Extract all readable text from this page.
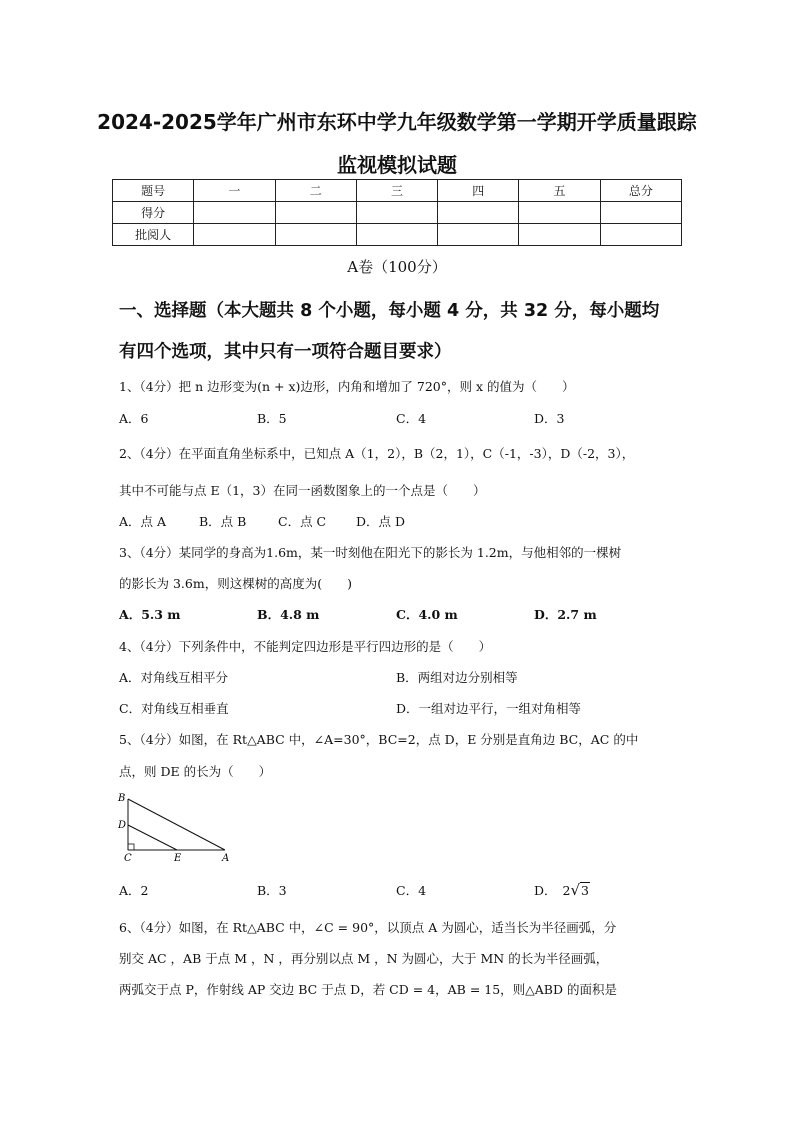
2024-2025学年广州市东环中学九年级数学第一学期开学质量跟踪
监视模拟试题
题号	一	二	三	四	五	总分
得分						
批阅人						
A卷（100分）
一、选择题（本大题共 8 个小题，每小题 4 分，共 32 分，每小题均
有四个选项，其中只有一项符合题目要求）
1、（4分）把 n 边形变为(n + x)边形，内角和增加了 720°，则 x 的值为（　　）
A．6	B．5	C．4	D．3
2、（4分）在平面直角坐标系中，已知点 A（1，2），B（2，1），C（-1，-3），D（-2，3），
其中不可能与点 E（1，3）在同一函数图象上的一个点是（　　）
A．点 A	B．点 B	C．点 C D．点 D
3、（4分）某同学的身高为1.6m，某一时刻他在阳光下的影长为 1.2m，与他相邻的一棵树
的影长为 3.6m，则这棵树的高度为(　　)
A．5.3 m	B．4.8 m	C．4.0 m	D．2.7 m
4、（4分）下列条件中，不能判定四边形是平行四边形的是（　　）
A．对角线互相平分	B．两组对边分别相等
C．对角线互相垂直	D．一组对边平行，一组对角相等
5、（4分）如图，在 Rt△ABC 中，∠A=30°，BC=2，点 D，E 分别是直角边 BC，AC 的中
点，则 DE 的长为（　　）
B
D
C	E	A
A．2	B．3	C．4	D． 2√3
6、（4分）如图，在 Rt△ABC 中，∠C = 90°，以顶点 A 为圆心，适当长为半径画弧，分
别交 AC ，AB 于点 M ，N ，再分别以点 M ，N 为圆心，大于 MN 的长为半径画弧，
两弧交于点 P，作射线 AP 交边 BC 于点 D，若 CD = 4，AB = 15，则△ABD 的面积是
